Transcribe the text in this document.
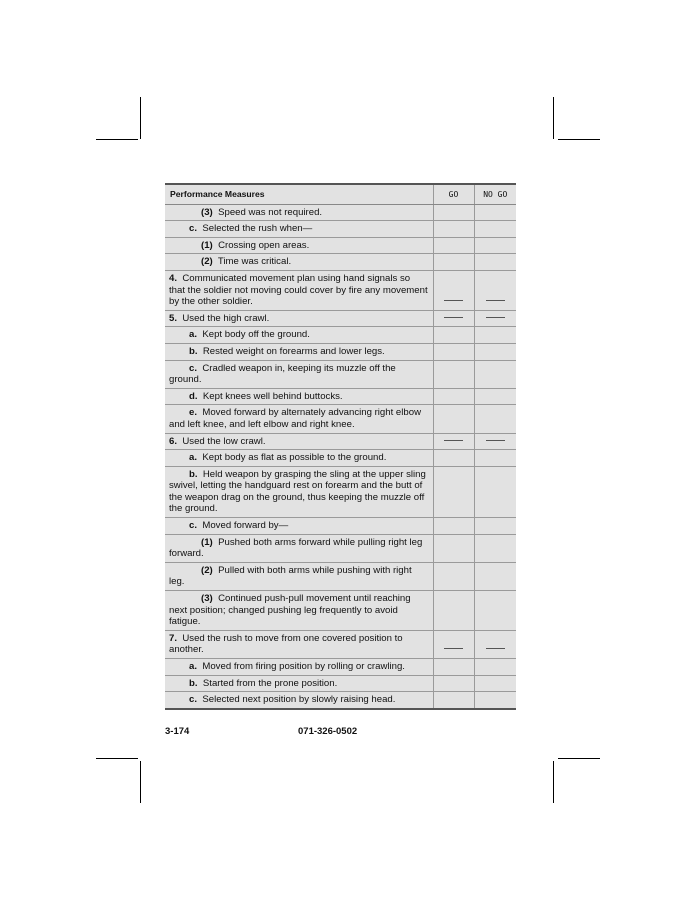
Performance Measures	GO	NO GO
(3) Speed was not required.		
c. Selected the rush when—		
(1) Crossing open areas.		
(2) Time was critical.		
4. Communicated movement plan using hand signals so that the soldier not moving could cover by fire any movement by the other soldier.		
5. Used the high crawl.		
a. Kept body off the ground.		
b. Rested weight on forearms and lower legs.		
c. Cradled weapon in, keeping its muzzle off the ground.		
d. Kept knees well behind buttocks.		
e. Moved forward by alternately advancing right elbow and left knee, and left elbow and right knee.		
6. Used the low crawl.		
a. Kept body as flat as possible to the ground.		
b. Held weapon by grasping the sling at the upper sling swivel, letting the handguard rest on forearm and the butt of the weapon drag on the ground, thus keeping the muzzle off the ground.		
c. Moved forward by—		
(1) Pushed both arms forward while pulling right leg forward.		
(2) Pulled with both arms while pushing with right leg.		
(3) Continued push-pull movement until reaching next position; changed pushing leg frequently to avoid fatigue.		
7. Used the rush to move from one covered position to another.		
a. Moved from firing position by rolling or crawling.		
b. Started from the prone position.		
c. Selected next position by slowly raising head.		
3-174	071-326-0502
